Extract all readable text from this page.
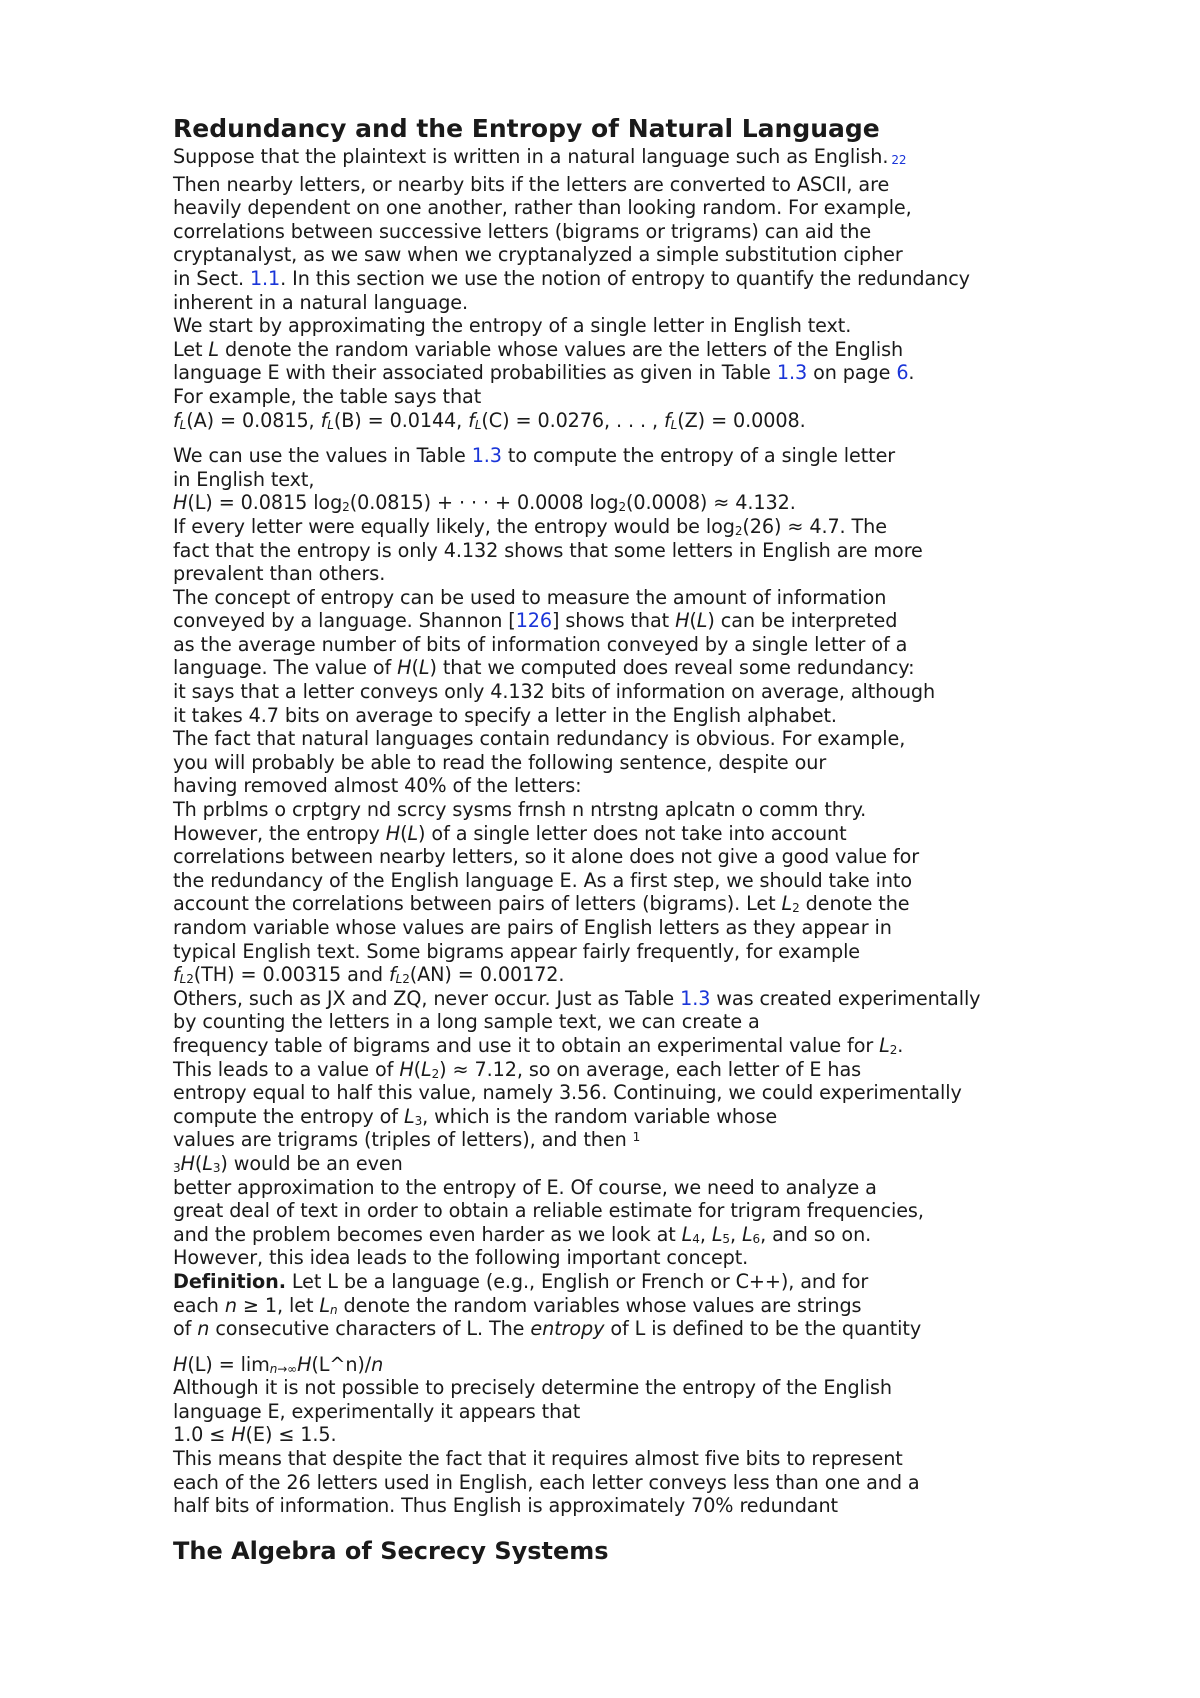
Redundancy and the Entropy of Natural Language
Suppose that the plaintext is written in a natural language such as English. 22
Then nearby letters, or nearby bits if the letters are converted to ASCII, are
heavily dependent on one another, rather than looking random. For example,
correlations between successive letters (bigrams or trigrams) can aid the
cryptanalyst, as we saw when we cryptanalyzed a simple substitution cipher
in Sect. 1.1. In this section we use the notion of entropy to quantify the redundancy
inherent in a natural language.
We start by approximating the entropy of a single letter in English text.
Let L denote the random variable whose values are the letters of the English
language E with their associated probabilities as given in Table 1.3 on page 6.
For example, the table says that
$f_L(A) = 0.0815$, $f_L(B) = 0.0144$, $f_L(C) = 0.0276$, . . . , $f_L(Z) = 0.0008$.
We can use the values in Table 1.3 to compute the entropy of a single letter
in English text,
H(L) = 0.0815 $\log_2(0.0815)$ + · · · + 0.0008 $\log_2(0.0008) \approx 4.132$.
If every letter were equally likely, the entropy would be $\log_2(26) \approx 4.7$. The
fact that the entropy is only 4.132 shows that some letters in English are more
prevalent than others.
The concept of entropy can be used to measure the amount of information
conveyed by a language. Shannon [126] shows that H(L) can be interpreted
as the average number of bits of information conveyed by a single letter of a
language. The value of H(L) that we computed does reveal some redundancy:
it says that a letter conveys only 4.132 bits of information on average, although
it takes 4.7 bits on average to specify a letter in the English alphabet.
The fact that natural languages contain redundancy is obvious. For example,
you will probably be able to read the following sentence, despite our
having removed almost 40% of the letters:
Th prblms o crptgry nd scrcy sysms frnsh n ntrstng aplcatn o comm thry.
However, the entropy H(L) of a single letter does not take into account
correlations between nearby letters, so it alone does not give a good value for
the redundancy of the English language E. As a first step, we should take into
account the correlations between pairs of letters (bigrams). Let $L_2$ denote the
random variable whose values are pairs of English letters as they appear in
typical English text. Some bigrams appear fairly frequently, for example
$f_{L2}(TH) = 0.00315$ and $f_{L2}(AN) = 0.00172$.
Others, such as JX and ZQ, never occur. Just as Table 1.3 was created experimentally
by counting the letters in a long sample text, we can create a
frequency table of bigrams and use it to obtain an experimental value for $L_2$.
This leads to a value of $H(L_2) \approx 7.12$, so on average, each letter of E has
entropy equal to half this value, namely 3.56. Continuing, we could experimentally
compute the entropy of $L_3$, which is the random variable whose
values are trigrams (triples of letters), and then $^1$
$_3H(L_3)$ would be an even
better approximation to the entropy of E. Of course, we need to analyze a
great deal of text in order to obtain a reliable estimate for trigram frequencies,
and the problem becomes even harder as we look at $L_4$, $L_5$, $L_6$, and so on.
However, this idea leads to the following important concept.
Definition. Let L be a language (e.g., English or French or C++), and for
each n ≥ 1, let $L_n$ denote the random variables whose values are strings
of n consecutive characters of L. The entropy of L is defined to be the quantity
$H(L) = \lim_{n\to\infty}H(L\^{}n)/n$
Although it is not possible to precisely determine the entropy of the English
language E, experimentally it appears that
1.0 ≤ H(E) ≤ 1.5.
This means that despite the fact that it requires almost five bits to represent
each of the 26 letters used in English, each letter conveys less than one and a
half bits of information. Thus English is approximately 70% redundant
The Algebra of Secrecy Systems
